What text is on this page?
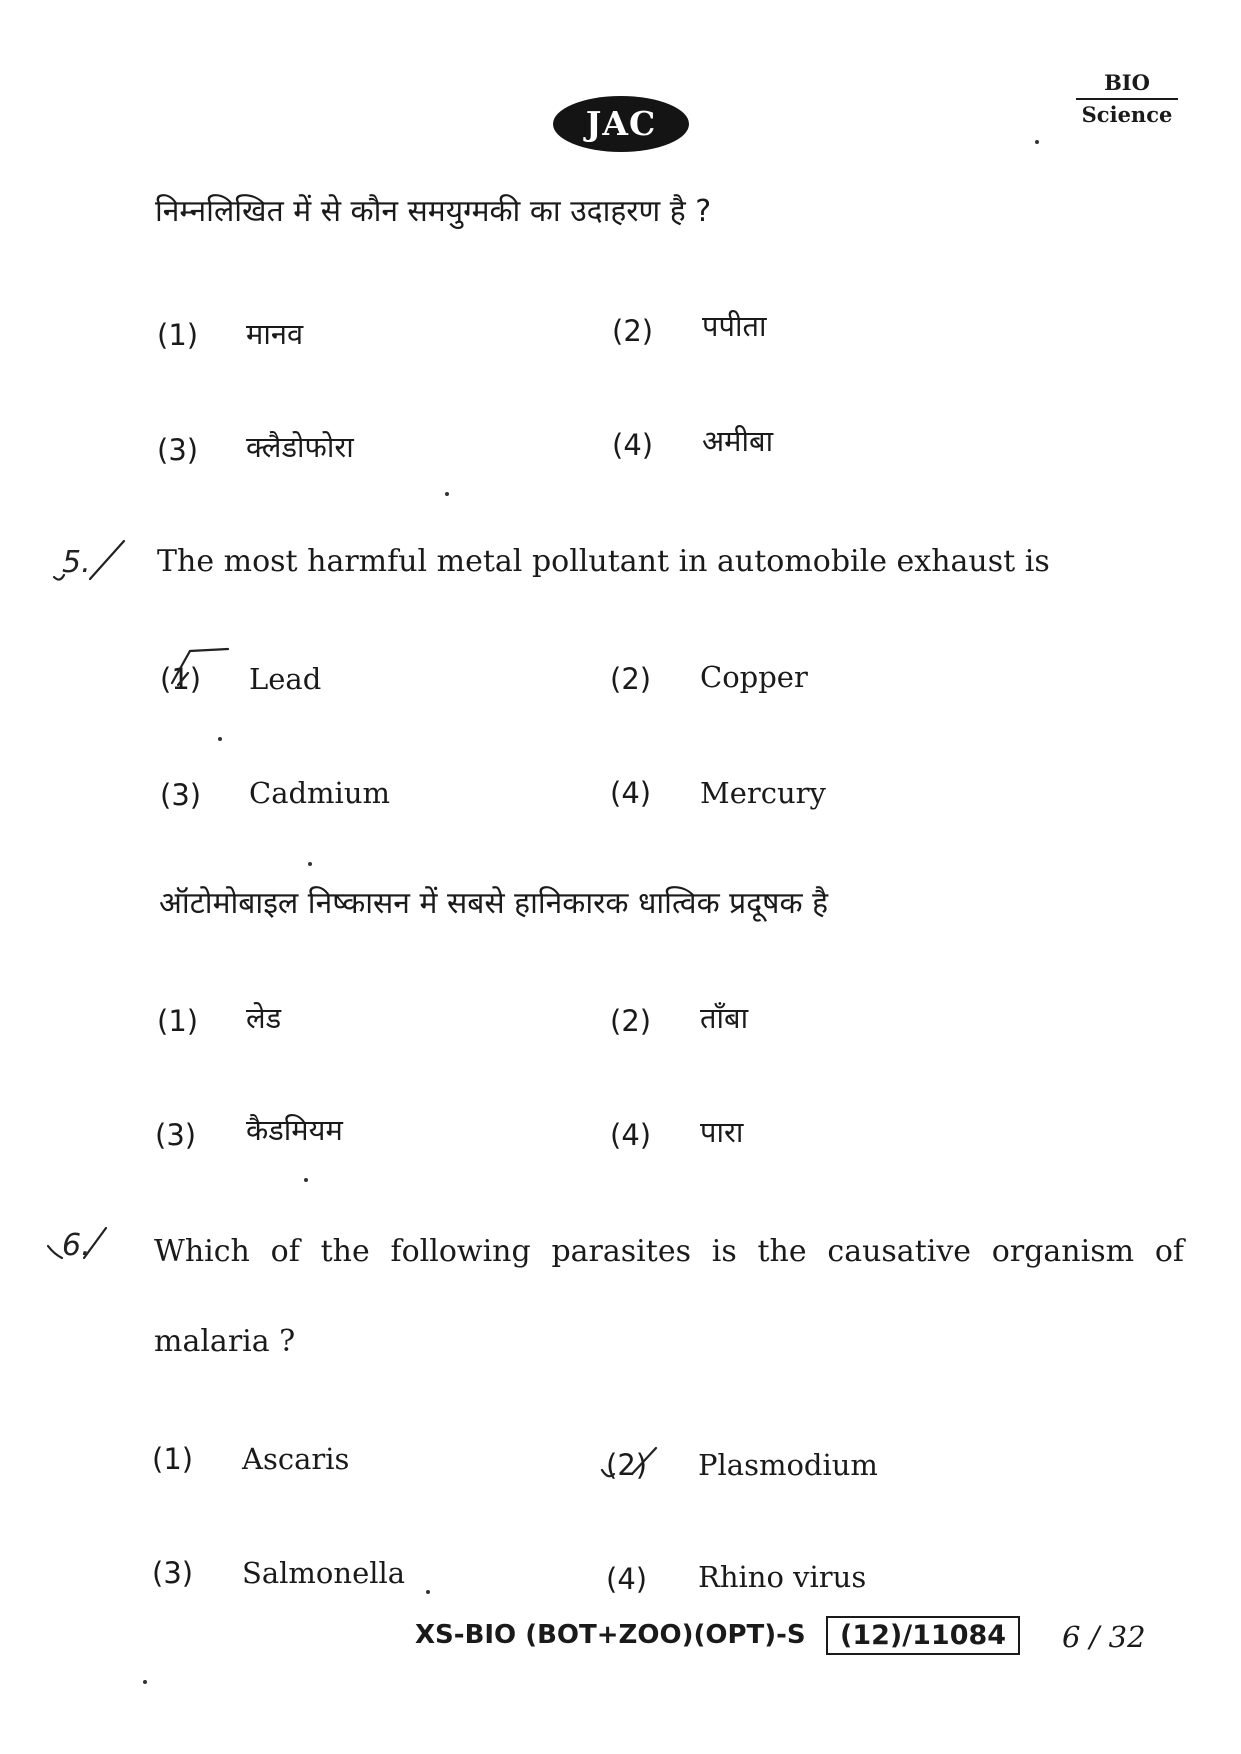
JAC
BIO
Science
निम्नलिखित में से कौन समयुग्मकी का उदाहरण है ?
(1) मानव	(2) पपीता
(3) क्लैडोफोरा	(4) अमीबा
5. The most harmful metal pollutant in automobile exhaust is
(1) Lead	(2) Copper
(3) Cadmium	(4) Mercury
ऑटोमोबाइल निष्कासन में सबसे हानिकारक धात्विक प्रदूषक है
(1) लेड	(2) ताँबा
(3) कैडमियम	(4) पारा
6. Which of the following parasites is the causative organism of
malaria ?
(1) Ascaris	(2) Plasmodium
(3) Salmonella	(4) Rhino virus
XS-BIO (BOT+ZOO)(OPT)-S	(12)/11084	6 / 32
